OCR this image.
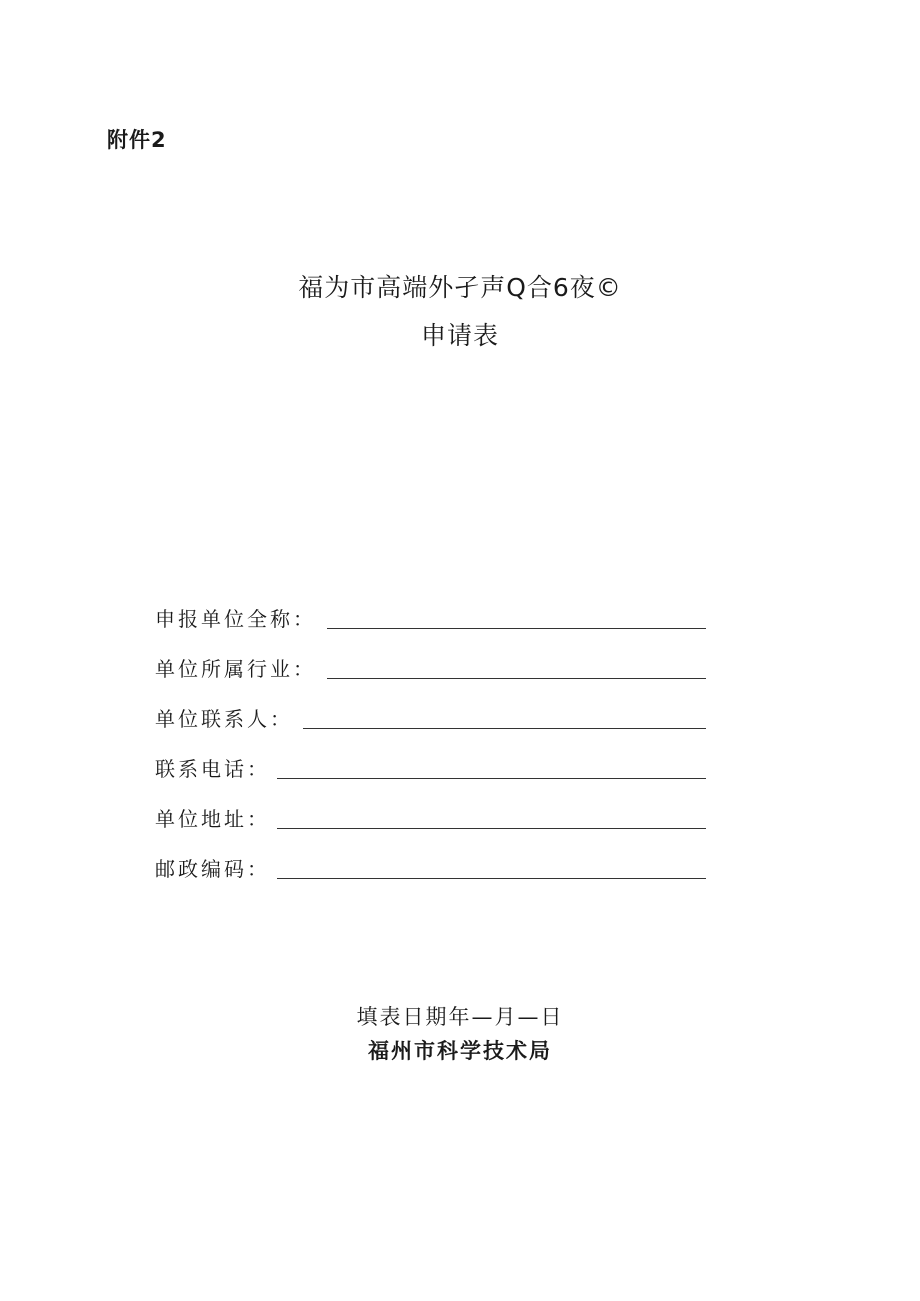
附件2
福为市高端外孑声Q合6夜©
申请表
申报单位全称：
单位所属行业：
单位联系人：
联系电话：
单位地址：
邮政编码：
填表日期年—月—日
福州市科学技术局
